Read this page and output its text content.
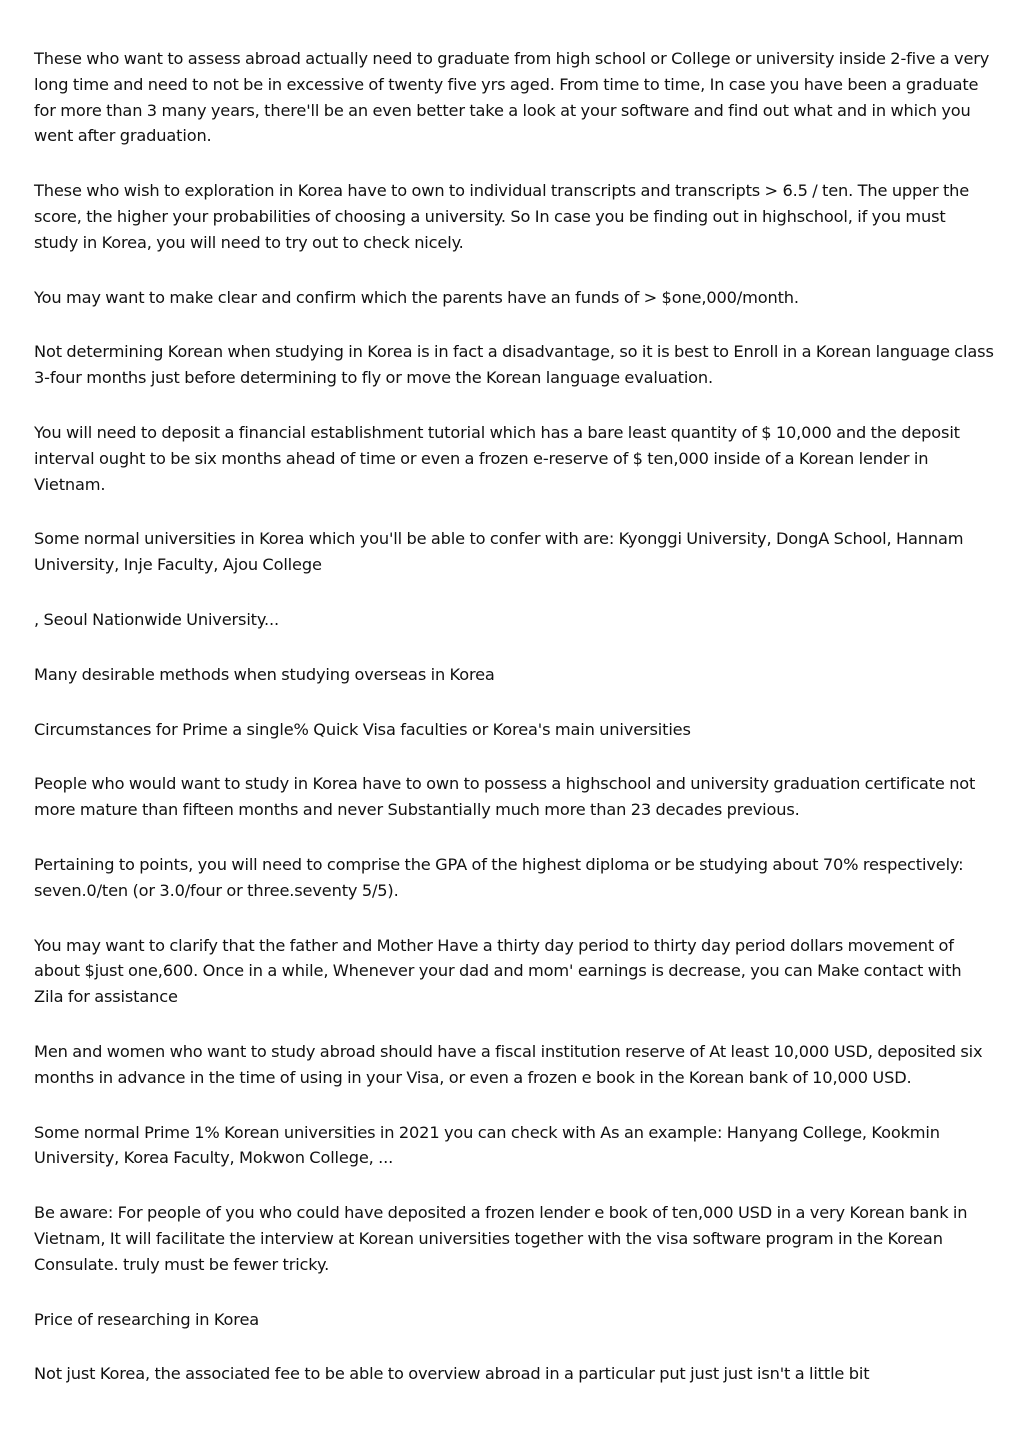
These who want to assess abroad actually need to graduate from high school or College or university inside 2-five a very long time and need to not be in excessive of twenty five yrs aged. From time to time, In case you have been a graduate for more than 3 many years, there'll be an even better take a look at your software and find out what and in which you went after graduation.

These who wish to exploration in Korea have to own to individual transcripts and transcripts > 6.5 / ten. The upper the score, the higher your probabilities of choosing a university. So In case you be finding out in highschool, if you must study in Korea, you will need to try out to check nicely.

You may want to make clear and confirm which the parents have an funds of > $one,000/month.

Not determining Korean when studying in Korea is in fact a disadvantage, so it is best to Enroll in a Korean language class 3-four months just before determining to fly or move the Korean language evaluation.

You will need to deposit a financial establishment tutorial which has a bare least quantity of $ 10,000 and the deposit interval ought to be six months ahead of time or even a frozen e-reserve of $ ten,000 inside of a Korean lender in Vietnam.

Some normal universities in Korea which you'll be able to confer with are: Kyonggi University, DongA School, Hannam University, Inje Faculty, Ajou College

, Seoul Nationwide University...

Many desirable methods when studying overseas in Korea

Circumstances for Prime a single% Quick Visa faculties or Korea's main universities

People who would want to study in Korea have to own to possess a highschool and university graduation certificate not more mature than fifteen months and never Substantially much more than 23 decades previous.

Pertaining to points, you will need to comprise the GPA of the highest diploma or be studying about 70% respectively: seven.0/ten (or 3.0/four or three.seventy 5/5).

You may want to clarify that the father and Mother Have a thirty day period to thirty day period dollars movement of about $just one,600. Once in a while, Whenever your dad and mom' earnings is decrease, you can Make contact with Zila for assistance

Men and women who want to study abroad should have a fiscal institution reserve of At least 10,000 USD, deposited six months in advance in the time of using in your Visa, or even a frozen e book in the Korean bank of 10,000 USD.

Some normal Prime 1% Korean universities in 2021 you can check with As an example: Hanyang College, Kookmin University, Korea Faculty, Mokwon College, ...

Be aware: For people of you who could have deposited a frozen lender e book of ten,000 USD in a very Korean bank in Vietnam, It will facilitate the interview at Korean universities together with the visa software program in the Korean Consulate. truly must be fewer tricky.

Price of researching in Korea

Not just Korea, the associated fee to be able to overview abroad in a particular put just just isn't a little bit
